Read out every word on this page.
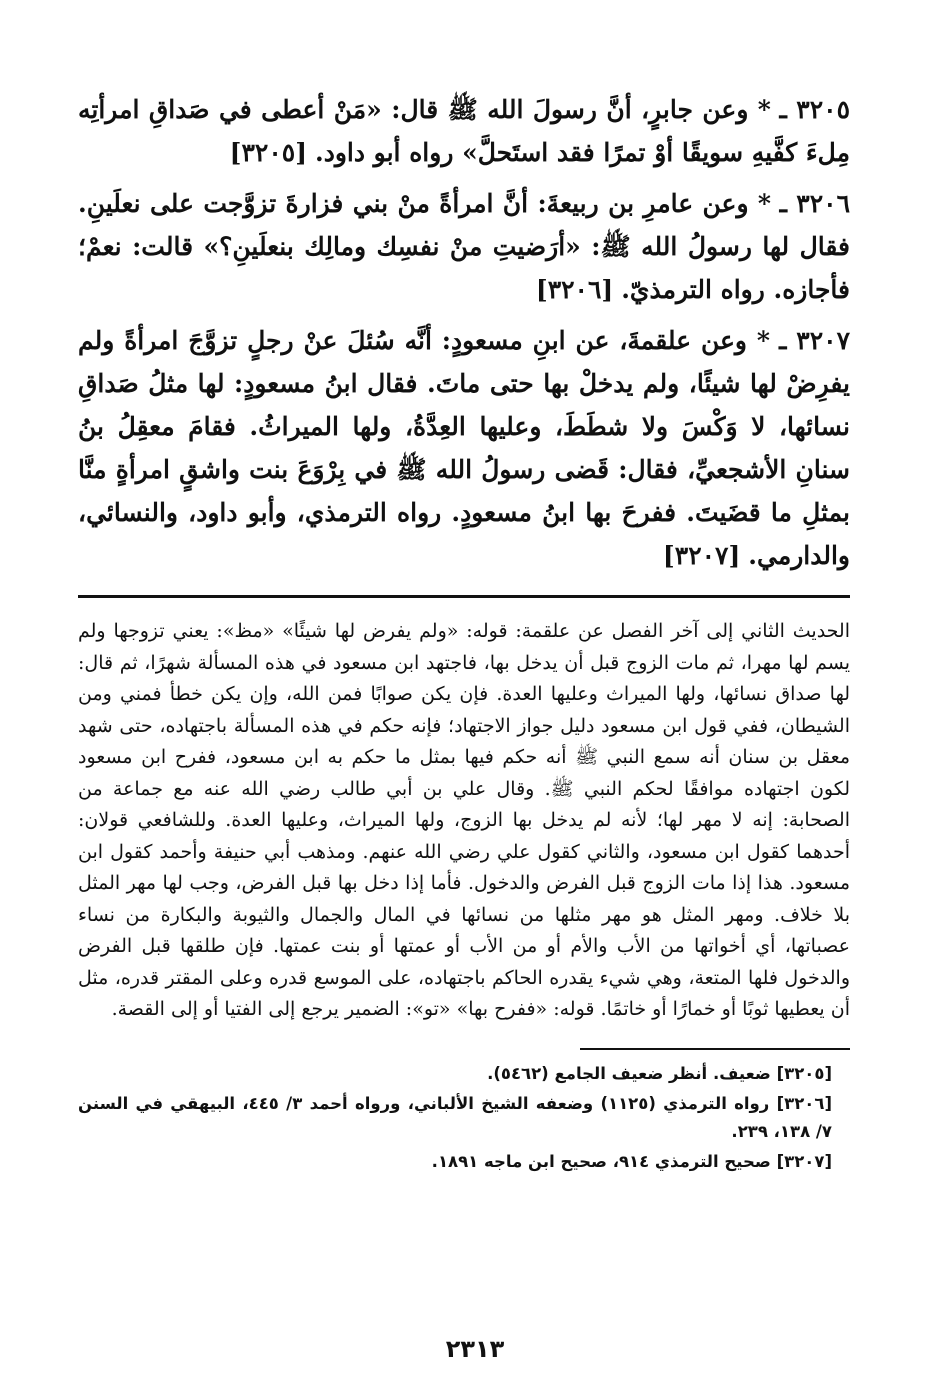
٣٢٠٥ ـ * وعن جابرٍ، أنَّ رسولَ الله ﷺ قال: «مَنْ أعطى في صَداقِ امرأتِه مِلءَ كفَّيهِ سويقًا أوْ تمرًا فقد استَحلَّ» رواه أبو داود. [٣٢٠٥]

٣٢٠٦ ـ * وعن عامرِ بن ربيعةَ: أنَّ امرأةً منْ بني فزارةَ تزوَّجت على نعلَينِ. فقال لها رسولُ الله ﷺ: «أرَضيتِ منْ نفسِك ومالِك بنعلَينِ؟» قالت: نعمْ؛ فأجازه. رواه الترمذيّ. [٣٢٠٦]

٣٢٠٧ ـ * وعن علقمةَ، عن ابنِ مسعودٍ: أنَّه سُئلَ عنْ رجلٍ تزوَّجَ امرأةً ولم يفرِضْ لها شيئًا، ولم يدخلْ بها حتى ماتَ. فقال ابنُ مسعودٍ: لها مثلُ صَداقِ نسائها، لا وَكْسَ ولا شطَطَ، وعليها العِدَّةُ، ولها الميراثُ. فقامَ معقِلُ بنُ سنانِ الأشجعيِّ، فقال: قَضى رسولُ الله ﷺ في بِرْوَعَ بنت واشقٍ امرأةٍ منَّا بمثلِ ما قضَيتَ. ففرحَ بها ابنُ مسعودٍ. رواه الترمذي، وأبو داود، والنسائي، والدارمي. [٣٢٠٧]

الحديث الثاني إلى آخر الفصل عن علقمة: قوله: «ولم يفرض لها شيئًا» «مظ»: يعني تزوجها ولم يسم لها مهرا، ثم مات الزوج قبل أن يدخل بها، فاجتهد ابن مسعود في هذه المسألة شهرًا، ثم قال: لها صداق نسائها، ولها الميراث وعليها العدة. فإن يكن صوابًا فمن الله، وإن يكن خطأ فمني ومن الشيطان، ففي قول ابن مسعود دليل جواز الاجتهاد؛ فإنه حكم في هذه المسألة باجتهاده، حتى شهد معقل بن سنان أنه سمع النبي ﷺ أنه حكم فيها بمثل ما حكم به ابن مسعود، ففرح ابن مسعود لكون اجتهاده موافقًا لحكم النبي ﷺ. وقال علي بن أبي طالب رضي الله عنه مع جماعة من الصحابة: إنه لا مهر لها؛ لأنه لم يدخل بها الزوج، ولها الميراث، وعليها العدة. وللشافعي قولان: أحدهما كقول ابن مسعود، والثاني كقول علي رضي الله عنهم. ومذهب أبي حنيفة وأحمد كقول ابن مسعود. هذا إذا مات الزوج قبل الفرض والدخول. فأما إذا دخل بها قبل الفرض، وجب لها مهر المثل بلا خلاف. ومهر المثل هو مهر مثلها من نسائها في المال والجمال والثيوبة والبكارة من نساء عصباتها، أي أخواتها من الأب والأم أو من الأب أو عمتها أو بنت عمتها. فإن طلقها قبل الفرض والدخول فلها المتعة، وهي شيء يقدره الحاكم باجتهاده، على الموسع قدره وعلى المقتر قدره، مثل أن يعطيها ثوبًا أو خمارًا أو خاتمًا. قوله: «ففرح بها» «تو»: الضمير يرجع إلى الفتيا أو إلى القصة.

[٣٢٠٥] ضعيف. أنظر ضعيف الجامع (٥٤٦٢).
[٣٢٠٦] رواه الترمذي (١١٢٥) وضعفه الشيخ الألباني، ورواه أحمد ٣/ ٤٤٥، البيهقي في السنن ٧/ ١٣٨، ٢٣٩.
[٣٢٠٧] صحيح الترمذي ٩١٤، صحيح ابن ماجه ١٨٩١.
٢٣١٣
